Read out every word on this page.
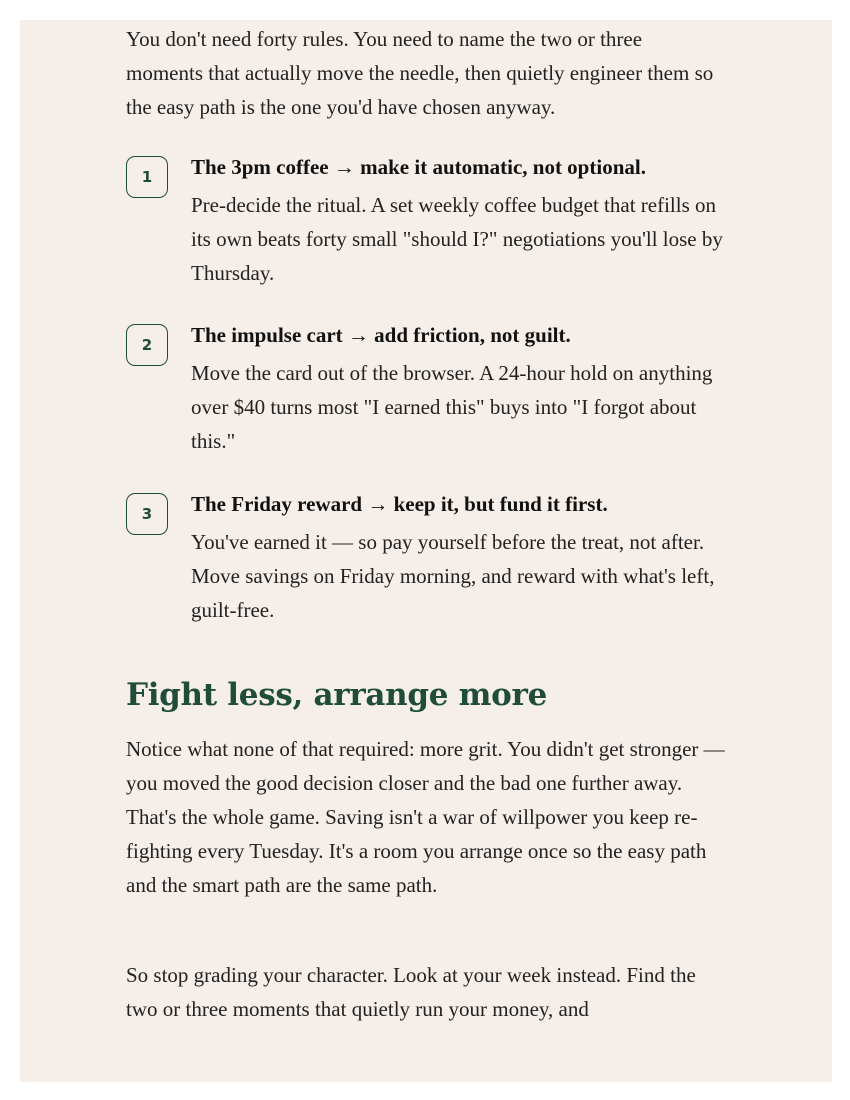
You don't need forty rules. You need to name the two or three moments that actually move the needle, then quietly engineer them so the easy path is the one you'd have chosen anyway.

1	The 3pm coffee → make it automatic, not optional.

Pre-decide the ritual. A set weekly coffee budget that refills on its own beats forty small "should I?" negotiations you'll lose by Thursday.

2	The impulse cart → add friction, not guilt.

Move the card out of the browser. A 24-hour hold on anything over $40 turns most "I earned this" buys into "I forgot about this."

3	The Friday reward → keep it, but fund it first.

You've earned it — so pay yourself before the treat, not after. Move savings on Friday morning, and reward with what's left, guilt-free.

Fight less, arrange more

Notice what none of that required: more grit. You didn't get stronger — you moved the good decision closer and the bad one further away. That's the whole game. Saving isn't a war of willpower you keep re-fighting every Tuesday. It's a room you arrange once so the easy path and the smart path are the same path.

So stop grading your character. Look at your week instead. Find the two or three moments that quietly run your money, and
